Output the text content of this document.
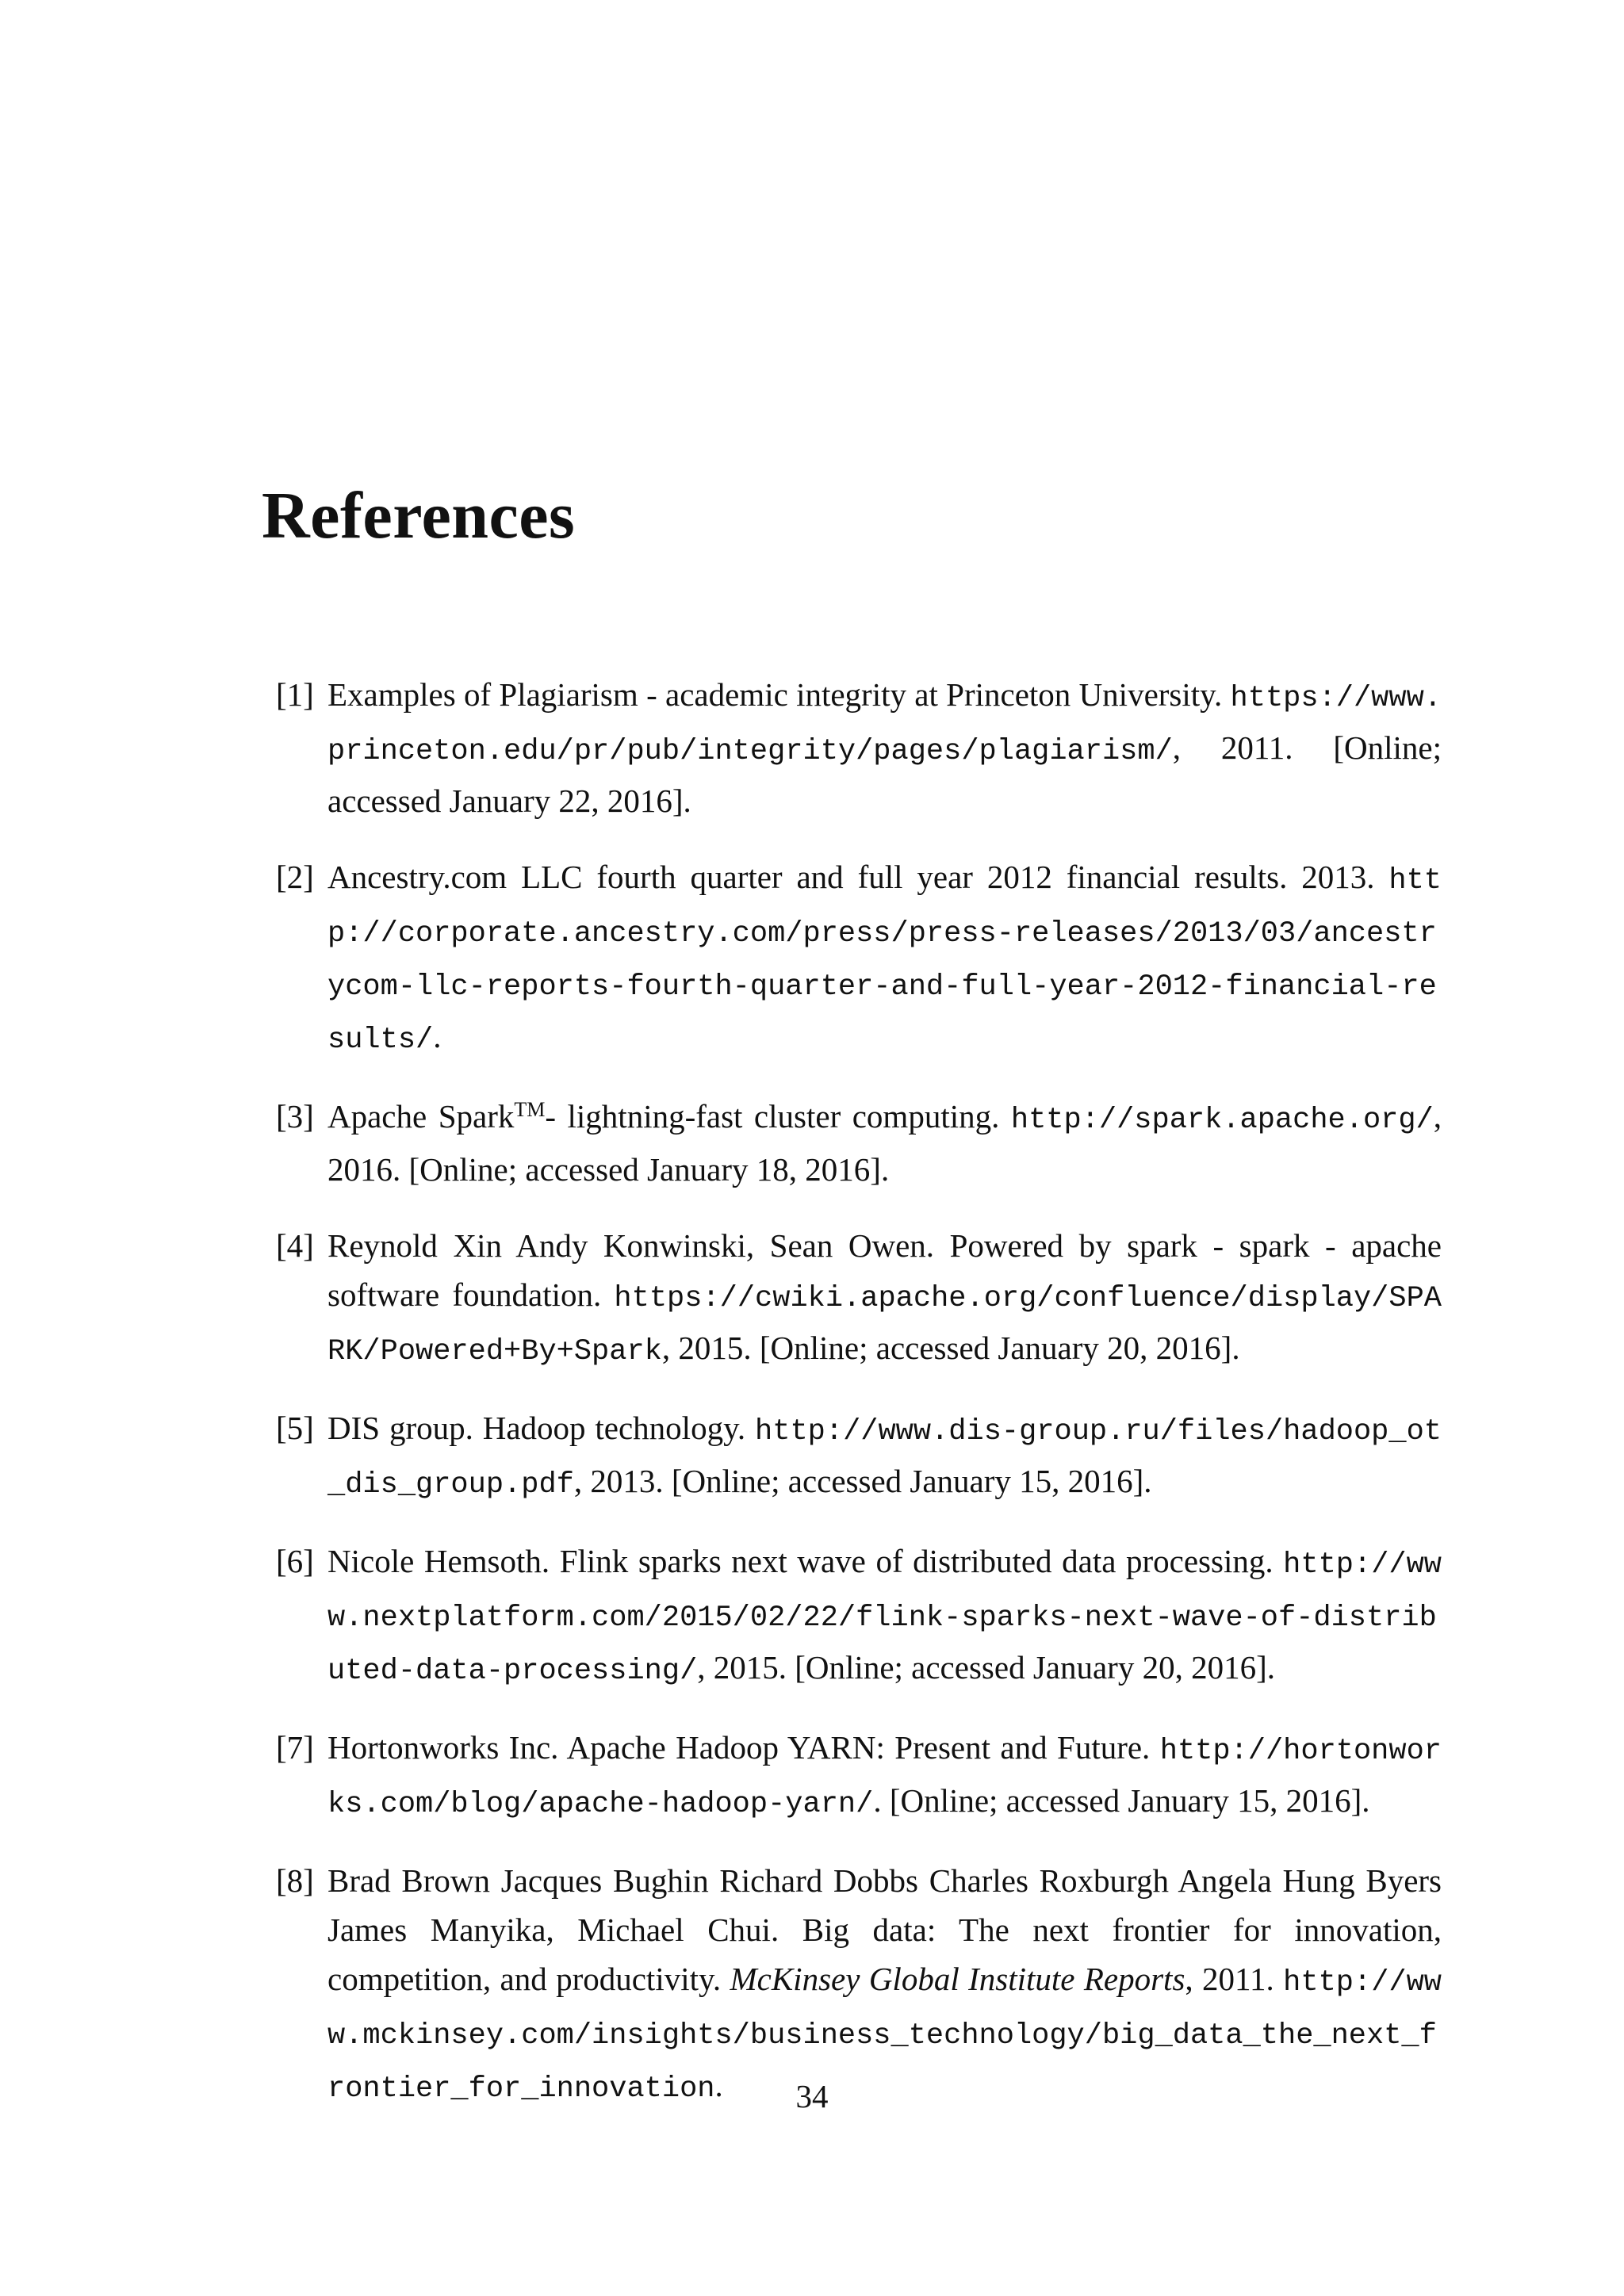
References
[1] Examples of Plagiarism - academic integrity at Princeton University. https://www.princeton.edu/pr/pub/integrity/pages/plagiarism/, 2011. [Online; accessed January 22, 2016].
[2] Ancestry.com LLC fourth quarter and full year 2012 financial results. 2013. http://corporate.ancestry.com/press/press-releases/2013/03/ancestrycom-llc-reports-fourth-quarter-and-full-year-2012-financial-results/.
[3] Apache Spark™- lightning-fast cluster computing. http://spark.apache.org/, 2016. [Online; accessed January 18, 2016].
[4] Reynold Xin Andy Konwinski, Sean Owen. Powered by spark - spark - apache software foundation. https://cwiki.apache.org/confluence/display/SPARK/Powered+By+Spark, 2015. [Online; accessed January 20, 2016].
[5] DIS group. Hadoop technology. http://www.dis-group.ru/files/hadoop_ot_dis_group.pdf, 2013. [Online; accessed January 15, 2016].
[6] Nicole Hemsoth. Flink sparks next wave of distributed data processing. http://www.nextplatform.com/2015/02/22/flink-sparks-next-wave-of-distributed-data-processing/, 2015. [Online; accessed January 20, 2016].
[7] Hortonworks Inc. Apache Hadoop YARN: Present and Future. http://hortonworks.com/blog/apache-hadoop-yarn/. [Online; accessed January 15, 2016].
[8] Brad Brown Jacques Bughin Richard Dobbs Charles Roxburgh Angela Hung Byers James Manyika, Michael Chui. Big data: The next frontier for innovation, competition, and productivity. McKinsey Global Institute Reports, 2011. http://www.mckinsey.com/insights/business_technology/big_data_the_next_frontier_for_innovation.	34
